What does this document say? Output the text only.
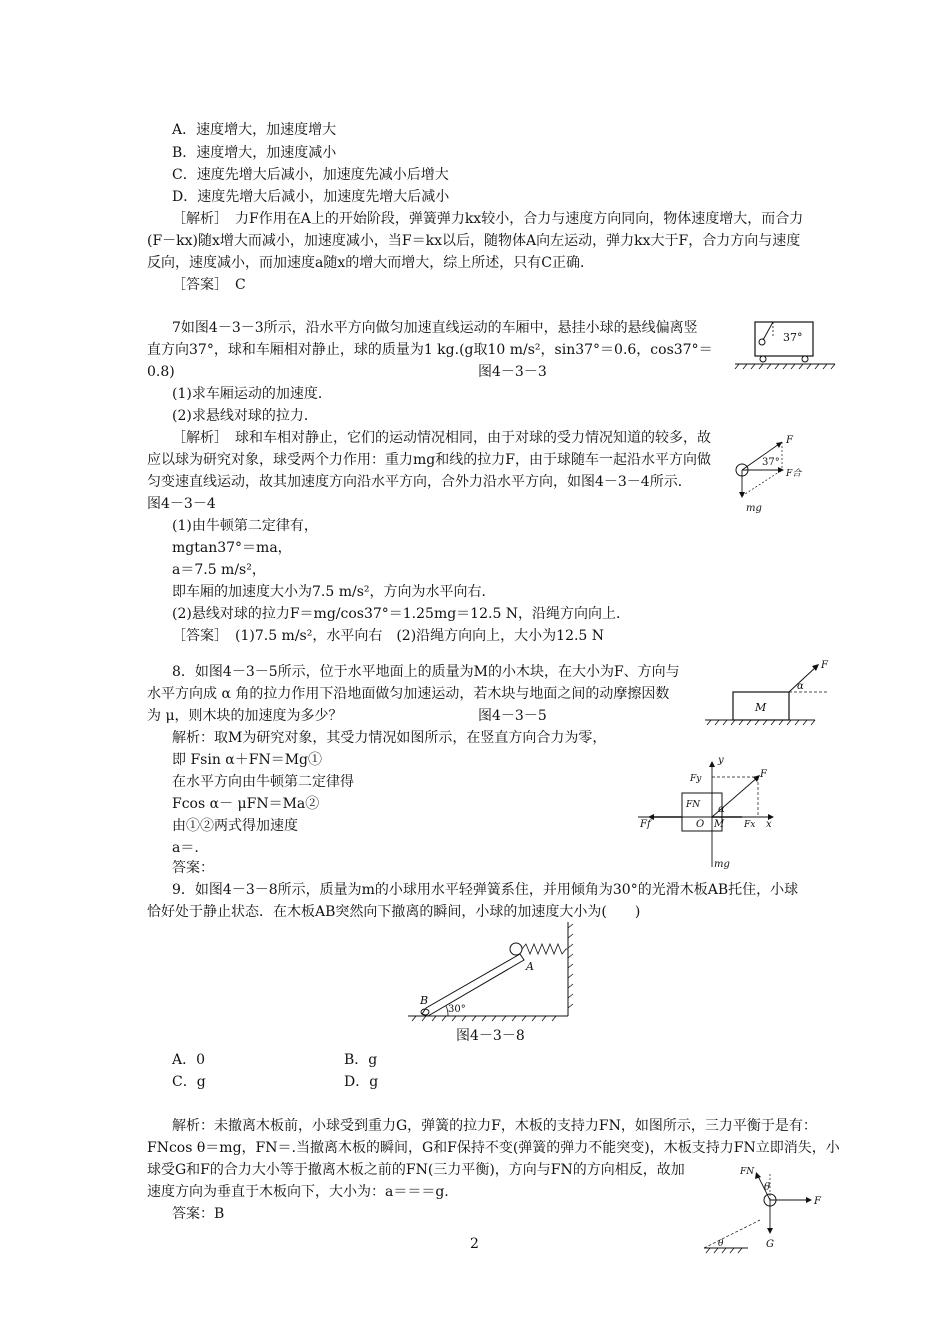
A．速度增大，加速度增大
B．速度增大，加速度减小
C．速度先增大后减小，加速度先减小后增大
D．速度先增大后减小，加速度先增大后减小
［解析］　力F作用在A上的开始阶段，弹簧弹力kx较小，合力与速度方向同向，物体速度增大，而合力
(F－kx)随x增大而减小，加速度减小，当F＝kx以后，随物体A向左运动，弹力kx大于F，合力方向与速度
反向，速度减小，而加速度a随x的增大而增大，综上所述，只有C正确．
［答案］　C
7如图4－3－3所示，沿水平方向做匀加速直线运动的车厢中，悬挂小球的悬线偏离竖
直方向37°，球和车厢相对静止，球的质量为1 kg.(g取10 m/s²，sin37°＝0.6，cos37°＝
0.8)	图4－3－3
(1)求车厢运动的加速度．
(2)求悬线对球的拉力．
［解析］　球和车相对静止，它们的运动情况相同，由于对球的受力情况知道的较多，故
应以球为研究对象，球受两个力作用：重力mg和线的拉力F，由于球随车一起沿水平方向做
匀变速直线运动，故其加速度方向沿水平方向，合外力沿水平方向，如图4－3－4所示．
图4－3－4
(1)由牛顿第二定律有，
mgtan37°＝ma，
a＝7.5 m/s²，
即车厢的加速度大小为7.5 m/s²，方向为水平向右．
(2)悬线对球的拉力F＝mg/cos37°＝1.25mg＝12.5 N，沿绳方向向上．
［答案］　(1)7.5 m/s²，水平向右　(2)沿绳方向向上，大小为12.5 N
37°
F
37°
F合
mg
8．如图4－3－5所示，位于水平地面上的质量为M的小木块，在大小为F、方向与
水平方向成 α 角的拉力作用下沿地面做匀加速运动，若木块与地面之间的动摩擦因数
为 μ，则木块的加速度为多少？	图4－3－5
解析：取M为研究对象，其受力情况如图所示，在竖直方向合力为零，
即 Fsin α＋FN＝Mg①
在水平方向由牛顿第二定律得
Fcos α－ μFN＝Ma②
由①②两式得加速度
a＝.
答案：
M
F
α
y
F
Fy
FN α
O M Fx x
Ff
mg
9．如图4－3－8所示，质量为m的小球用水平轻弹簧系住，并用倾角为30°的光滑木板AB托住，小球
恰好处于静止状态．在木板AB突然向下撤离的瞬间，小球的加速度大小为(　　)
A
B
30°
图4－3－8
A．0	B．g
C．g	D．g
解析：未撤离木板前，小球受到重力G，弹簧的拉力F，木板的支持力FN，如图所示，三力平衡于是有：
FNcos θ＝mg，FN＝.当撤离木板的瞬间，G和F保持不变(弹簧的弹力不能突变)，木板支持力FN立即消失，小
球受G和F的合力大小等于撤离木板之前的FN(三力平衡)，方向与FN的方向相反，故加
速度方向为垂直于木板向下，大小为：a＝＝＝g.
答案：B
FN
θ
F
G
θ
2
